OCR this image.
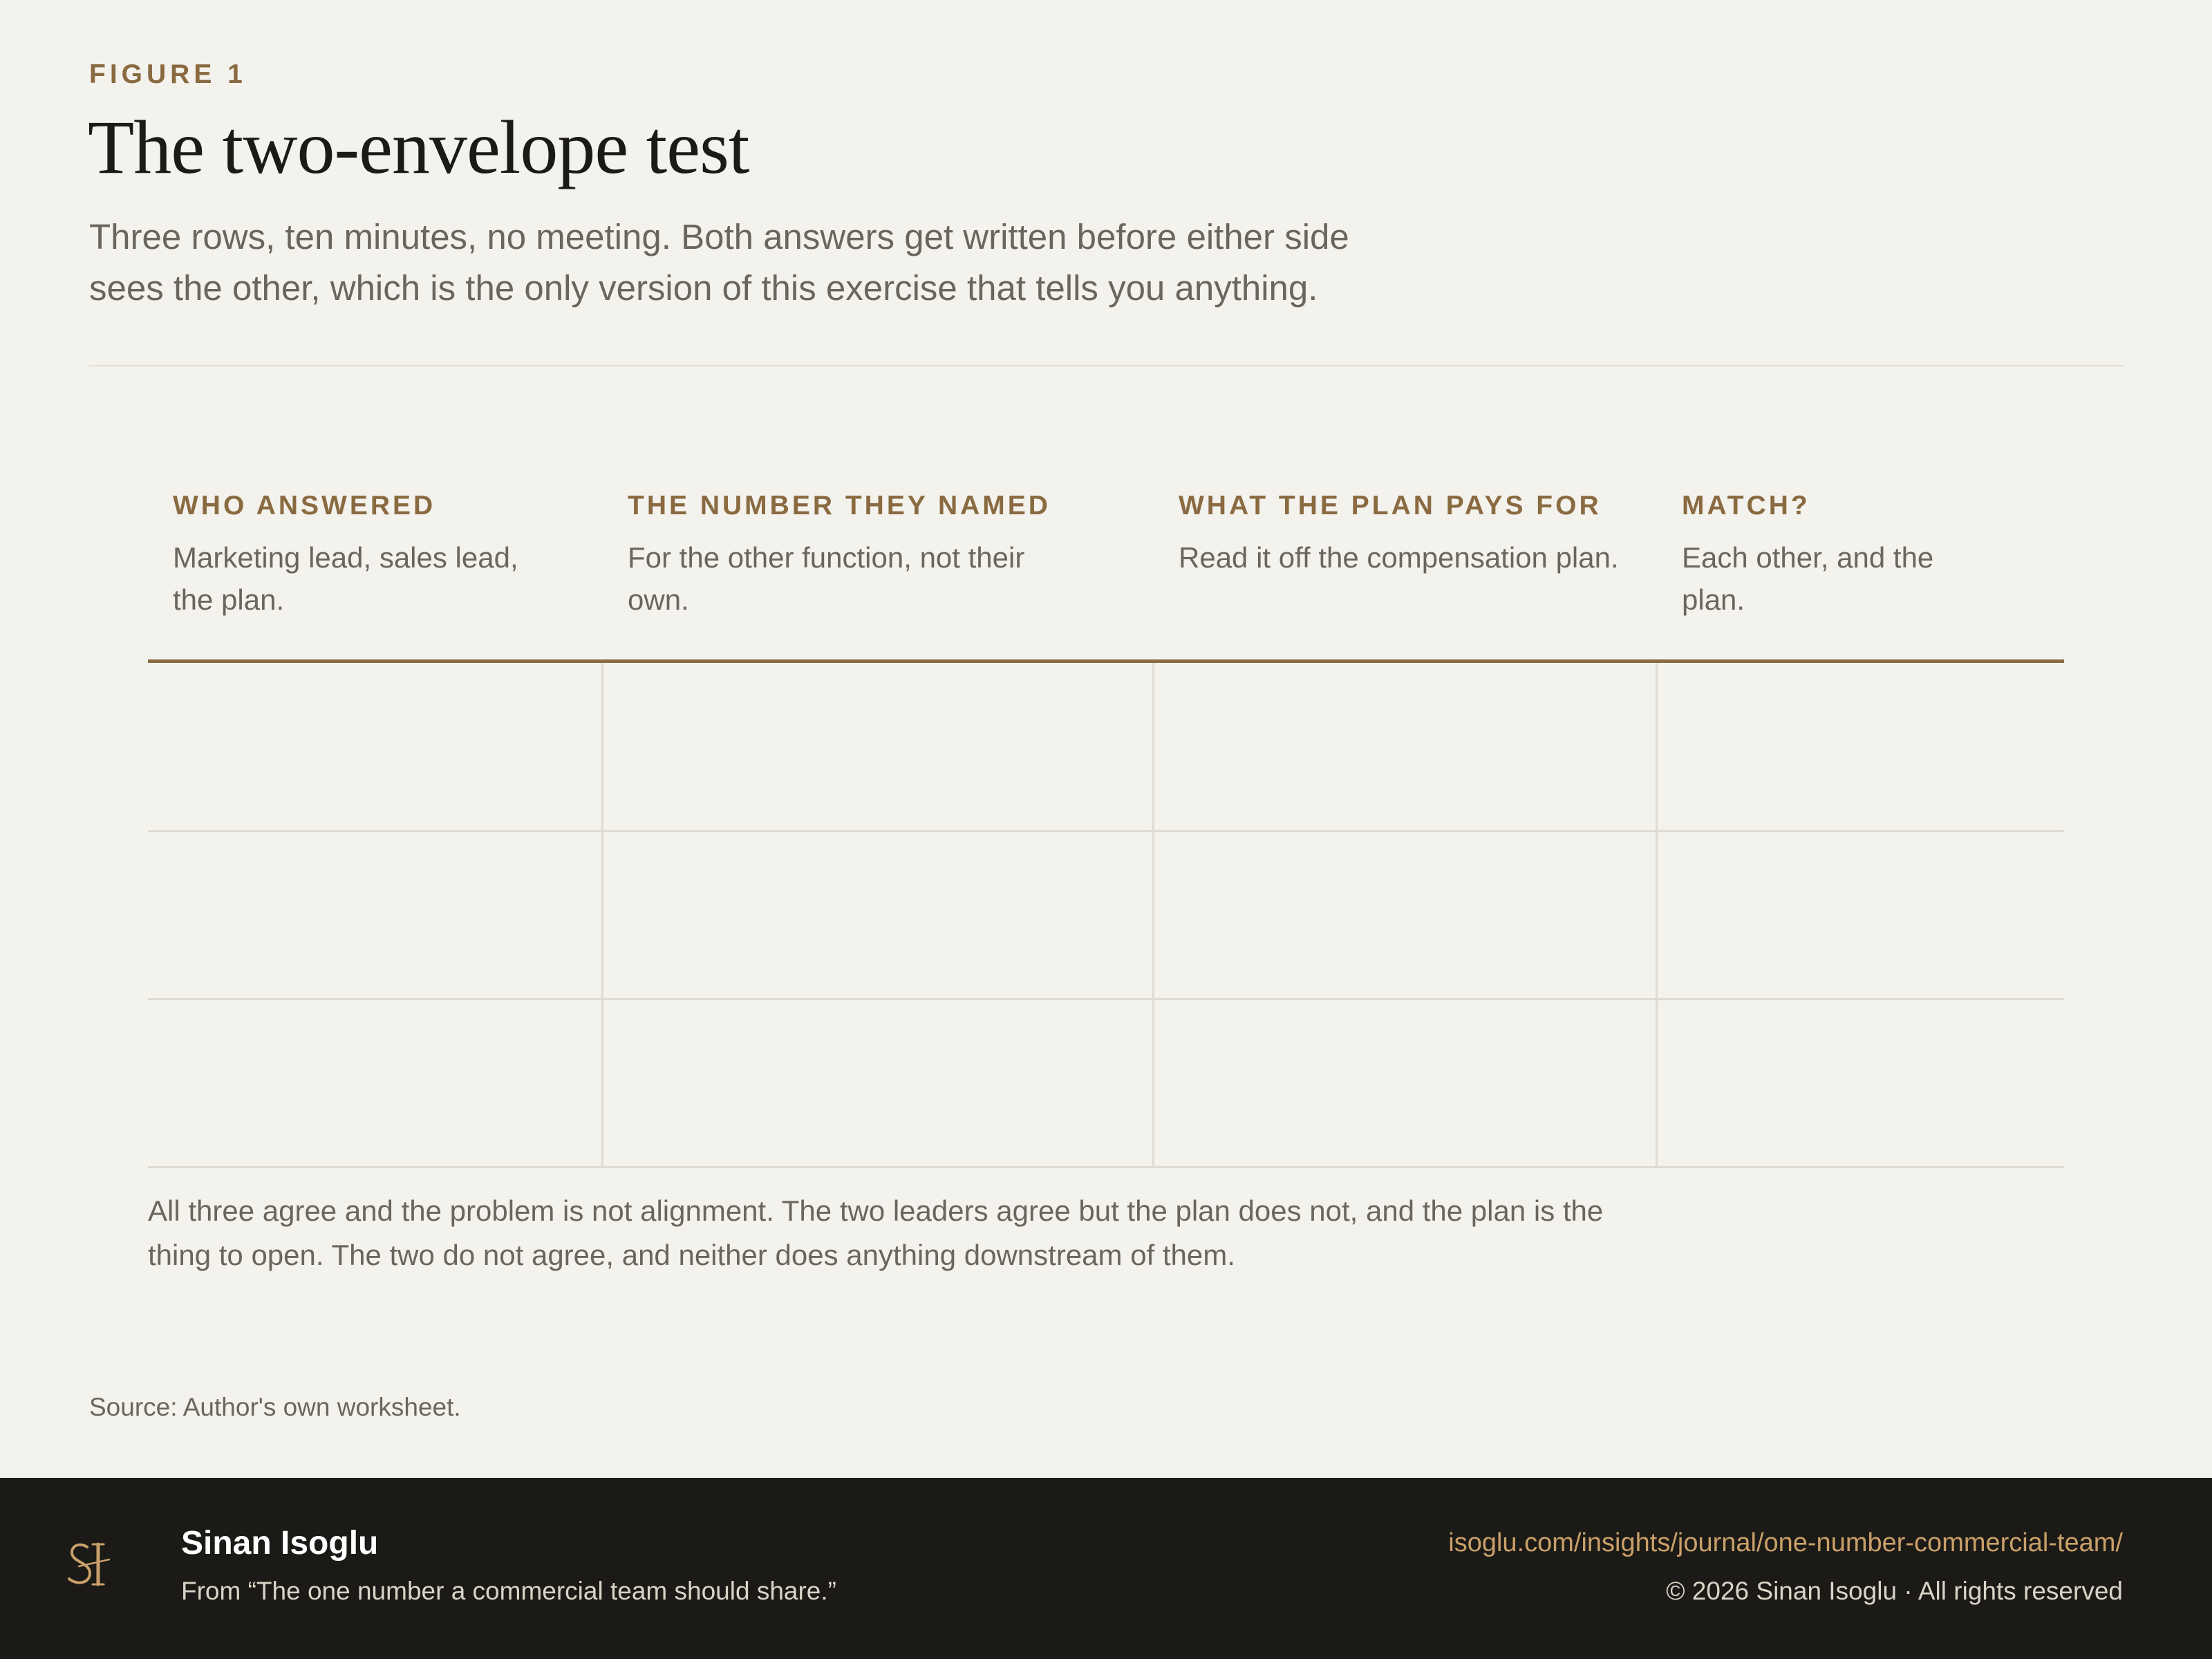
FIGURE 1
The two-envelope test
Three rows, ten minutes, no meeting. Both answers get written before either side sees the other, which is the only version of this exercise that tells you anything.
WHO ANSWERED
Marketing lead, sales lead, the plan.
THE NUMBER THEY NAMED
For the other function, not their own.
WHAT THE PLAN PAYS FOR
Read it off the compensation plan.
MATCH?
Each other, and the plan.
All three agree and the problem is not alignment. The two leaders agree but the plan does not, and the plan is the thing to open. The two do not agree, and neither does anything downstream of them.
Source: Author's own worksheet.
Sinan Isoglu
From “The one number a commercial team should share.”
isoglu.com/insights/journal/one-number-commercial-team/
© 2026 Sinan Isoglu · All rights reserved
